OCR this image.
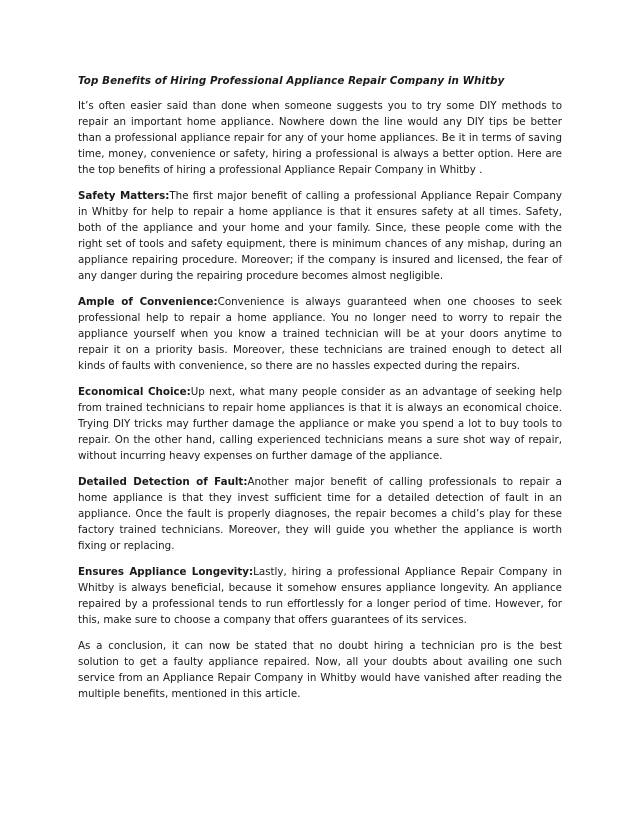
Top Benefits of Hiring Professional Appliance Repair Company in Whitby

It’s often easier said than done when someone suggests you to try some DIY methods to repair an important home appliance. Nowhere down the line would any DIY tips be better than a professional appliance repair for any of your home appliances. Be it in terms of saving time, money, convenience or safety, hiring a professional is always a better option. Here are the top benefits of hiring a professional Appliance Repair Company in Whitby .

Safety Matters:The first major benefit of calling a professional Appliance Repair Company in Whitby for help to repair a home appliance is that it ensures safety at all times. Safety, both of the appliance and your home and your family. Since, these people come with the right set of tools and safety equipment, there is minimum chances of any mishap, during an appliance repairing procedure. Moreover; if the company is insured and licensed, the fear of any danger during the repairing procedure becomes almost negligible.

Ample of Convenience:Convenience is always guaranteed when one chooses to seek professional help to repair a home appliance. You no longer need to worry to repair the appliance yourself when you know a trained technician will be at your doors anytime to repair it on a priority basis. Moreover, these technicians are trained enough to detect all kinds of faults with convenience, so there are no hassles expected during the repairs.

Economical Choice:Up next, what many people consider as an advantage of seeking help from trained technicians to repair home appliances is that it is always an economical choice. Trying DIY tricks may further damage the appliance or make you spend a lot to buy tools to repair. On the other hand, calling experienced technicians means a sure shot way of repair, without incurring heavy expenses on further damage of the appliance.

Detailed Detection of Fault:Another major benefit of calling professionals to repair a home appliance is that they invest sufficient time for a detailed detection of fault in an appliance. Once the fault is properly diagnoses, the repair becomes a child’s play for these factory trained technicians. Moreover, they will guide you whether the appliance is worth fixing or replacing.

Ensures Appliance Longevity:Lastly, hiring a professional Appliance Repair Company in Whitby is always beneficial, because it somehow ensures appliance longevity. An appliance repaired by a professional tends to run effortlessly for a longer period of time. However, for this, make sure to choose a company that offers guarantees of its services.

As a conclusion, it can now be stated that no doubt hiring a technician pro is the best solution to get a faulty appliance repaired. Now, all your doubts about availing one such service from an Appliance Repair Company in Whitby would have vanished after reading the multiple benefits, mentioned in this article.
